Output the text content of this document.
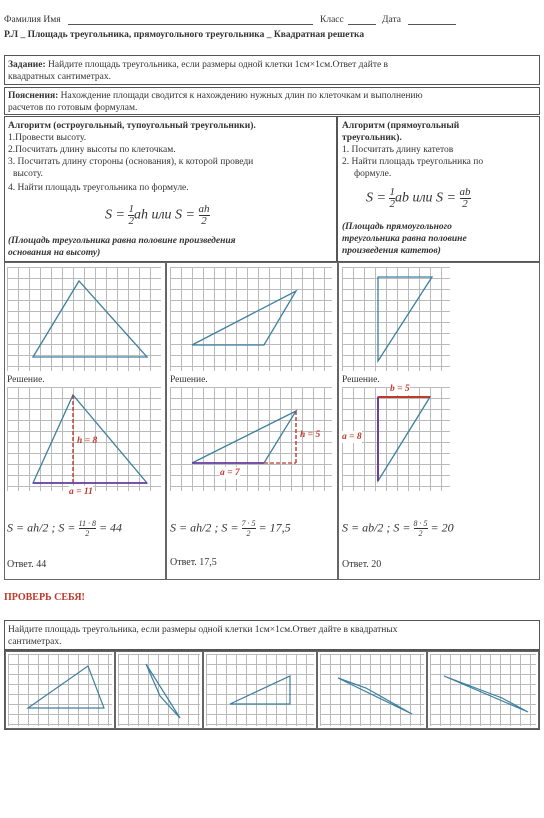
Фамилия Имя	Класс	Дата
Р.Л _ Площадь треугольника, прямоугольного треугольника _ Квадратная решетка
Задание: Найдите площадь треугольника, если размеры одной клетки 1см×1см.Ответ дайте в
квадратных сантиметрах.
Пояснения: Нахождение площади сводится к нахождению нужных длин по клеточкам и выполнению
расчетов по готовым формулам.
Алгоритм (остроугольный, тупоугольный треугольники).
1.Провести высоту.
2.Посчитать длину высоты по клеточкам.
3. Посчитать длину стороны (основания), к которой проведи
высоту.
4. Найти площадь треугольника по формуле.
$S = \frac{1}{2}$ ah или $S = \frac{ah}{2}$
(Площадь треугольника равна половине произведения
основания на высоту)
Алгоритм (прямоугольный
треугольник).
1. Посчитать длину катетов
2. Найти площадь треугольника по
формуле.
$S = \frac{1}{2}$ ab или $S = \frac{ab}{2}$
(Площадь прямоугольного
треугольника равна половине
произведения катетов)
Решение.
h = 8
a = 11
S = ah/2 ; $S = \frac{11 \cdot 8}{2} = 44$
Ответ. 44
Решение.
h = 5
a = 7
S = ah/2 ; $S = \frac{7 \cdot 5}{2} = 17,5$
Ответ. 17,5
Решение.
b = 5
a = 8
S = ab/2 ; $S = \frac{8 \cdot 5}{2} = 20$
Ответ. 20
ПРОВЕРЬ СЕБЯ!
Найдите площадь треугольника, если размеры одной клетки 1см×1см.Ответ дайте в квадратных
сантиметрах.
